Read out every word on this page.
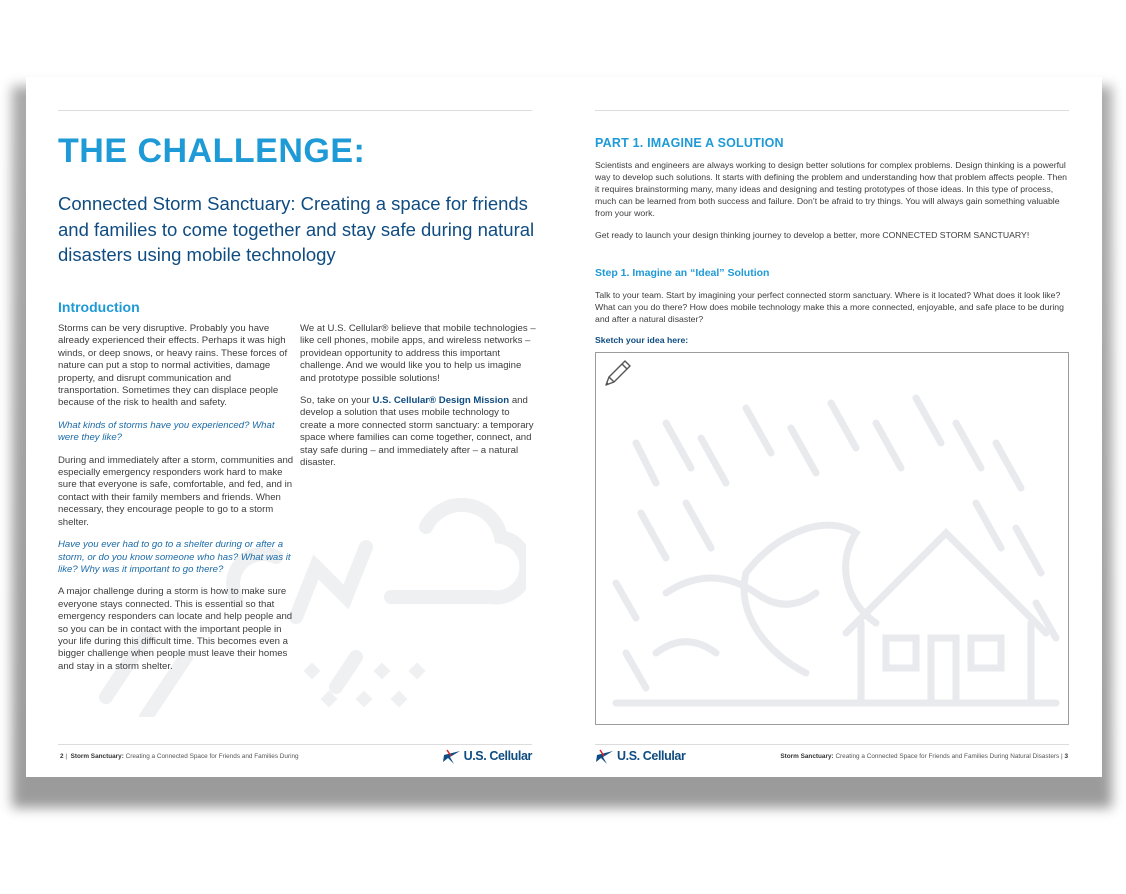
THE CHALLENGE:
Connected Storm Sanctuary: Creating a space for friends and families to come together and stay safe during natural disasters using mobile technology
Introduction

Storms can be very disruptive. Probably you have already experienced their effects. Perhaps it was high winds, or deep snows, or heavy rains. These forces of nature can put a stop to normal activities, damage property, and disrupt communication and transportation. Sometimes they can displace people because of the risk to health and safety.

What kinds of storms have you experienced? What were they like?

During and immediately after a storm, communities and especially emergency responders work hard to make sure that everyone is safe, comfortable, and fed, and in contact with their family members and friends. When necessary, they encourage people to go to a storm shelter.

Have you ever had to go to a shelter during or after a storm, or do you know someone who has? What was it like? Why was it important to go there?

A major challenge during a storm is how to make sure everyone stays connected. This is essential so that emergency responders can locate and help people and so you can be in contact with the important people in your life during this difficult time. This becomes even a bigger challenge when people must leave their homes and stay in a storm shelter.

We at U.S. Cellular® believe that mobile technologies – like cell phones, mobile apps, and wireless networks – providean opportunity to address this important challenge. And we would like you to help us imagine and prototype possible solutions!

So, take on your U.S. Cellular® Design Mission and develop a solution that uses mobile technology to create a more connected storm sanctuary: a temporary space where families can come together, connect, and stay safe during – and immediately after – a natural disaster.

2 |  Storm Sanctuary: Creating a Connected Space for Friends and Families During	U.S. Cellular
PART 1. IMAGINE A SOLUTION

Scientists and engineers are always working to design better solutions for complex problems. Design thinking is a powerful way to develop such solutions. It starts with defining the problem and understanding how that problem affects people. Then it requires brainstorming many, many ideas and designing and testing prototypes of those ideas. In this type of process, much can be learned from both success and failure. Don’t be afraid to try things. You will always gain something valuable from your work.

Get ready to launch your design thinking journey to develop a better, more CONNECTED STORM SANCTUARY!

Step 1. Imagine an “Ideal” Solution

Talk to your team. Start by imagining your perfect connected storm sanctuary. Where is it located? What does it look like? What can you do there? How does mobile technology make this a more connected, enjoyable, and safe place to be during and after a natural disaster?

Sketch your idea here:

U.S. Cellular	Storm Sanctuary: Creating a Connected Space for Friends and Families During Natural Disasters | 3
